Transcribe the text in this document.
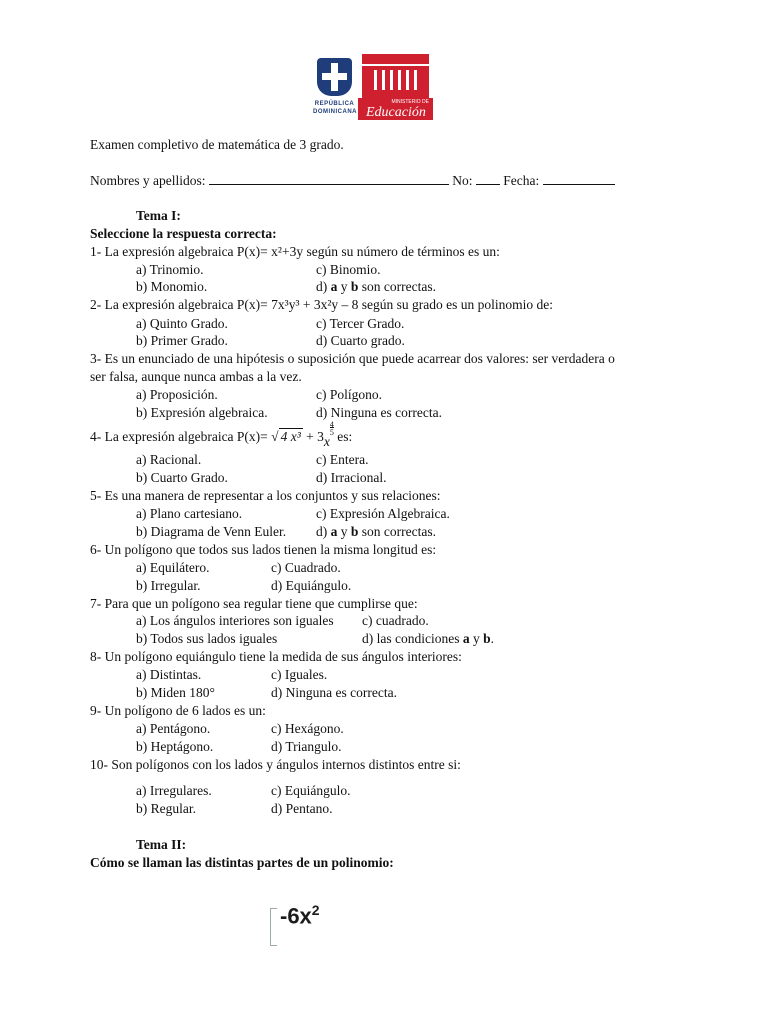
REPÚBLICA DOMINICANA
MINISTERIO DE
Educación
Examen completivo de matemática de 3 grado.
Nombres y apellidos:	No: Fecha:
Tema I:
Seleccione la respuesta correcta:
1- La expresión algebraica P(x)= x²+3y según su número de términos es un:
a) Trinomio.	c) Binomio.
b) Monomio.	d) a y b son correctas.
2- La expresión algebraica P(x)= 7x³y³ + 3x²y – 8 según su grado es un polinomio de:
a) Quinto Grado.	c) Tercer Grado.
b) Primer Grado.	d) Cuarto grado.
3- Es un enunciado de una hipótesis o suposición que puede acarrear dos valores: ser verdadera o
ser falsa, aunque nunca ambas a la vez.
a) Proposición.	c) Polígono.
b) Expresión algebraica.	d) Ninguna es correcta.
4- La expresión algebraica P(x)= √ 4 $x^3 + 3x\frac{4}{5}$ es:
a) Racional.	c) Entera.
b) Cuarto Grado.	d) Irracional.
5- Es una manera de representar a los conjuntos y sus relaciones:
a) Plano cartesiano.	c) Expresión Algebraica.
b) Diagrama de Venn Euler. d) a y b son correctas.
6- Un polígono que todos sus lados tienen la misma longitud es:
a) Equilátero.	c) Cuadrado.
b) Irregular.	d) Equiángulo.
7- Para que un polígono sea regular tiene que cumplirse que:
a) Los ángulos interiores son iguales c) cuadrado.
b) Todos sus lados iguales	d) las condiciones a y b.
8- Un polígono equiángulo tiene la medida de sus ángulos interiores:
a) Distintas.	c) Iguales.
b) Miden 180°	d) Ninguna es correcta.
9- Un polígono de 6 lados es un:
a) Pentágono.	c) Hexágono.
b) Heptágono.	d) Triangulo.
10- Son polígonos con los lados y ángulos internos distintos entre si:
a) Irregulares.	c) Equiángulo.
b) Regular.	d) Pentano.
Tema II:
Cómo se llaman las distintas partes de un polinomio:
$-6x^2$
